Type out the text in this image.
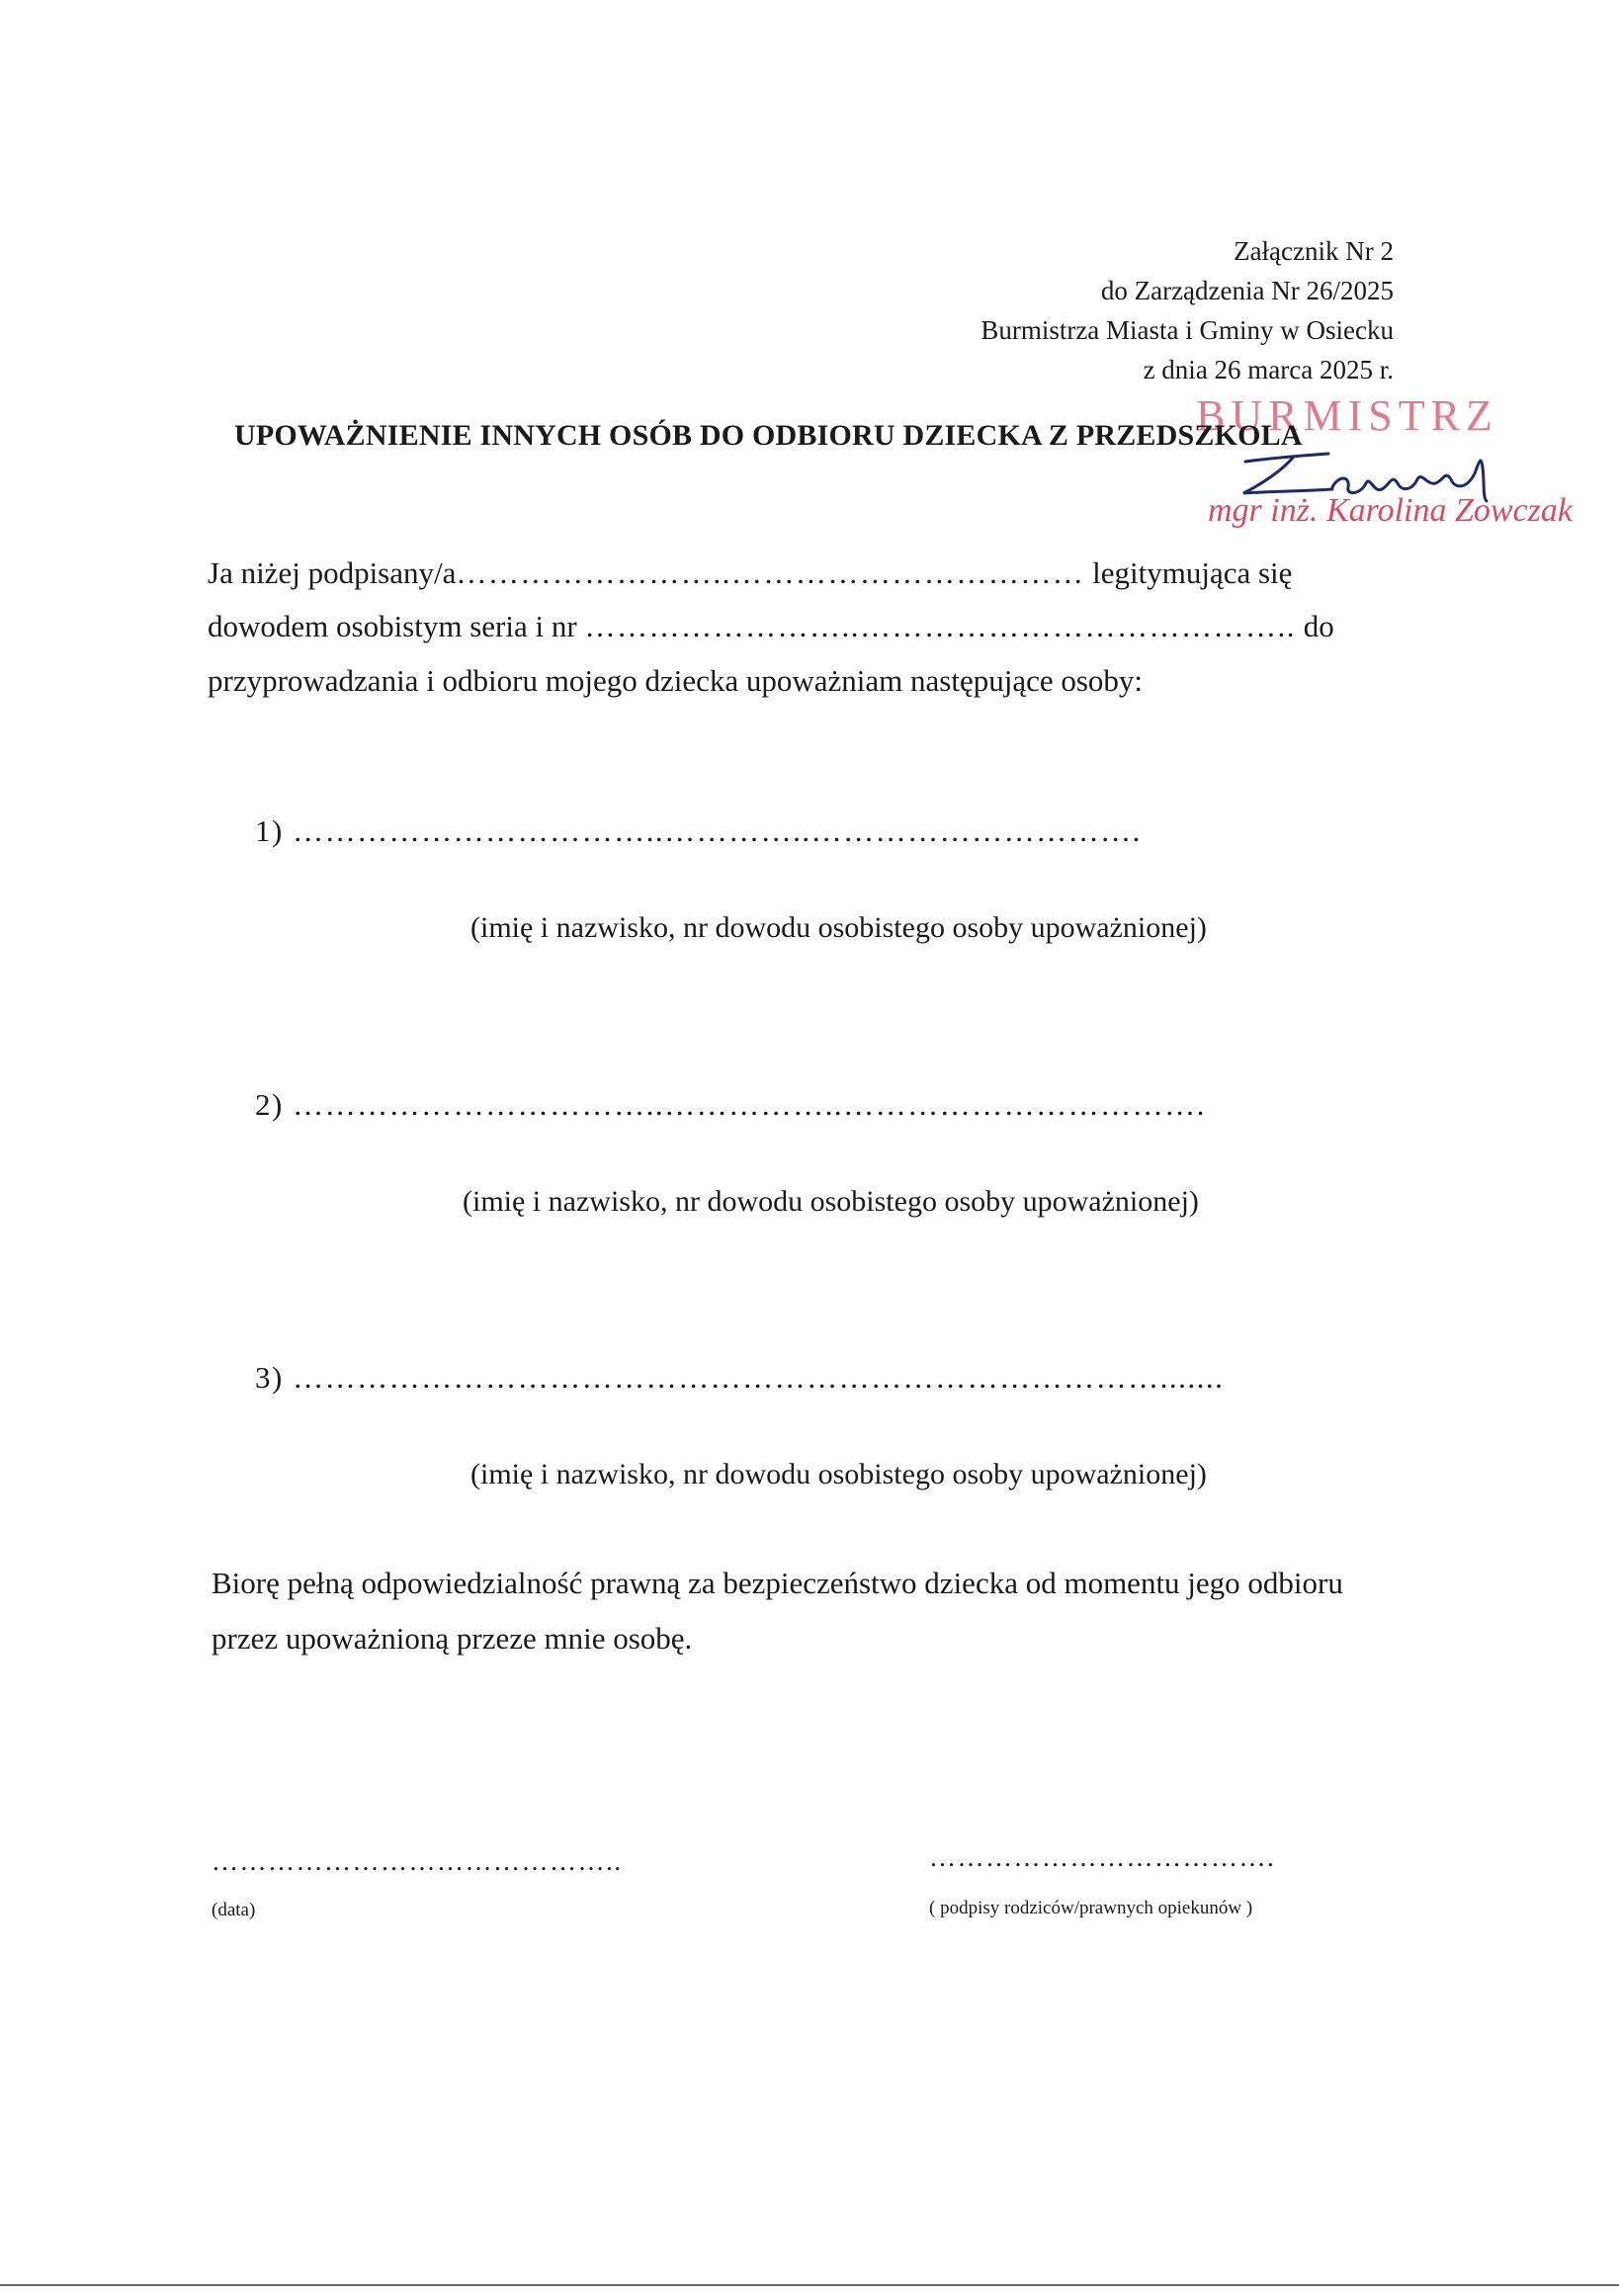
Załącznik Nr 2
do Zarządzenia Nr 26/2025
Burmistrza Miasta i Gminy w Osiecku
z dnia 26 marca 2025 r.
BURMISTRZ
UPOWAŻNIENIE INNYCH OSÓB DO ODBIORU DZIECKA Z PRZEDSZKOLA
mgr inż. Karolina Zowczak
Ja niżej podpisany/a……………………..…………………………… legitymująca się
dowodem osobistym seria i nr ……………………..………………………………….. do
przyprowadzania i odbioru mojego dziecka upoważniam następujące osoby:
1) ……………………………..…………..………………………….
(imię i nazwisko, nr dowodu osobistego osoby upoważnionej)
2) ……………………………..……………..…………………………….
(imię i nazwisko, nr dowodu osobistego osoby upoważnionej)
3) ……………………………………………………………………….......
(imię i nazwisko, nr dowodu osobistego osoby upoważnionej)
Biorę pełną odpowiedzialność prawną za bezpieczeństwo dziecka od momentu jego odbioru
przez upoważnioną przeze mnie osobę.
……………………………………..
(data)
……………………………….
( podpisy rodziców/prawnych opiekunów )
